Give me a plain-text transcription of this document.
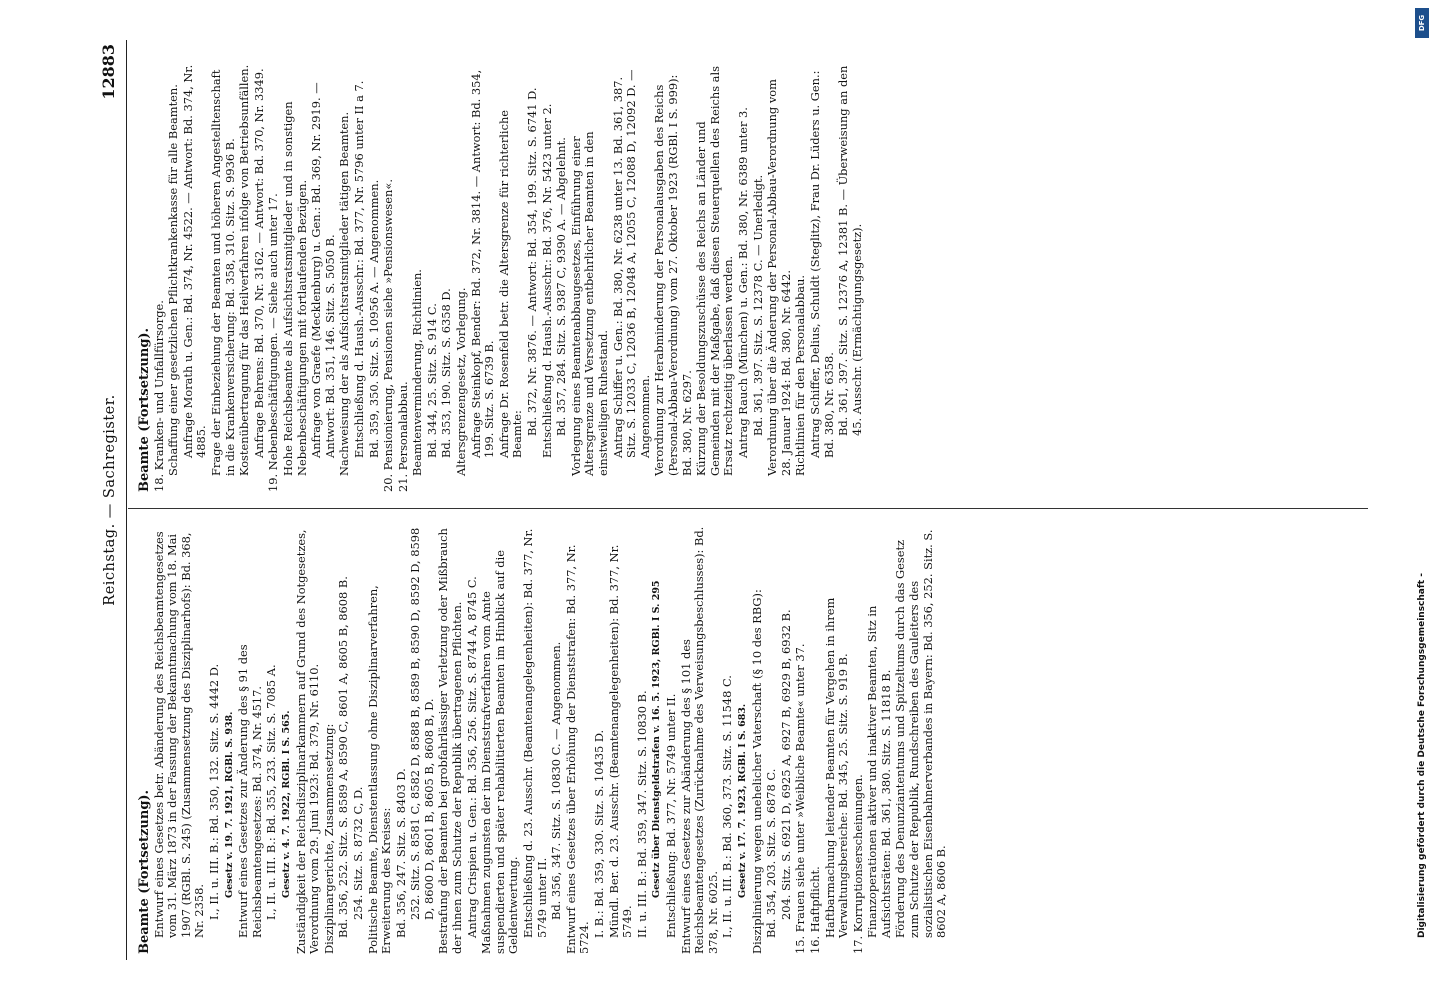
Reichstag. — Sachregister.
12883
Beamte (Fortsetzung). Entwurf eines Gesetzes betr. Abänderung des Reichsbeamtengesetzes vom 31. März 1873 in der Fassung der Bekanntmachung vom 18. Mai 1907 (RGBl. S. 245) (Zusammensetzung des Disziplinarhofs): Bd. 368, Nr. 2358. I., II. u. III. B.: Bd. 350, 132. Sitz. S. 4442 D. Gesetz v. 19. 7. 1921, RGBl. S. 938. Entwurf eines Gesetzes zur Änderung des § 91 des Reichsbeamtengesetzes: Bd. 374, Nr. 4517. I., II. u. III. B.: Bd. 355, 233. Sitz. S. 7085 A. Gesetz v. 4. 7. 1922, RGBl. I S. 565. Zuständigkeit der Reichsdisziplinarkammern auf Grund des Notgesetzes, Verordnung vom 29. Juni 1923: Bd. 379, Nr. 6110. Disziplinargerichte, Zusammensetzung: Bd. 356, 252. Sitz. S. 8589 A, 8590 C, 8601 A, 8605 B, 8608 B. 254. Sitz. S. 8732 C, D. Politische Beamte, Dienstentlassung ohne Disziplinarverfahren, Erweiterung des Kreises: Bd. 356, 247. Sitz. S. 8403 D. 252. Sitz. S. 8581 C, 8582 D, 8588 B, 8589 B, 8590 D, 8592 D, 8598 D, 8600 D, 8601 B, 8605 B, 8608 B, D. Bestrafung der Beamten bei grobfahrlässiger Verletzung oder Mißbrauch der ihnen zum Schutze der Republik übertragenen Pflichten. Antrag Crispien u. Gen.: Bd. 356, 256. Sitz. S. 8744 A, 8745 C. Maßnahmen zugunsten der im Dienststrafverfahren vom Amte suspendierten und später rehabilitierten Beamten im Hinblick auf die Geldentwertung. Entschließung d. 23. Ausschr. (Beamtenangelegenheiten): Bd. 377, Nr. 5749 unter II. Bd. 356, 347. Sitz. S. 10830 C. — Angenommen. Entwurf eines Gesetzes über Erhöhung der Dienststrafen: Bd. 377, Nr. 5724. I. B.: Bd. 359, 330. Sitz. S. 10435 D. Mündl. Ber. d. 23. Ausschr. (Beamtenangelegenheiten): Bd. 377, Nr. 5749. II. u. III. B.: Bd. 359, 347. Sitz. S. 10830 B. Gesetz über Dienstgeldstrafen v. 16. 5. 1923, RGBl. I S. 295 Entschließung: Bd. 377, Nr. 5749 unter II. Entwurf eines Gesetzes zur Abänderung des § 101 des Reichsbeamtengesetzes (Zurücknahme des Verweisungsbeschlusses): Bd. 378, Nr. 6025. I., II. u. III. B.: Bd. 360, 373. Sitz. S. 11548 C. Gesetz v. 17. 7. 1923, RGBl. I S. 683. Disziplinierung wegen unehelicher Vaterschaft (§ 10 des RBG): Bd. 354, 203. Sitz. S. 6878 C. 204. Sitz. S. 6921 D, 6925 A, 6927 B, 6929 B, 6932 B. 15. Frauen siehe unter »Weibliche Beamte« unter 37. 16. Haftpflicht. Haftbarmachung leitender Beamten für Vergehen in ihrem Verwaltungsbereiche: Bd. 345, 25. Sitz. S. 919 B. 17. Korruptionserscheinungen. Finanzoperationen aktiver und inaktiver Beamten, Sitz in Aufsichtsräten: Bd. 361, 380. Sitz. S. 11818 B. Förderung des Denunziantentums und Spitzeltums durch das Gesetz zum Schutze der Republik, Rundschreiben des Gauleiters des sozialistischen Eisenbahnerverbandes in Bayern: Bd. 356, 252. Sitz. S. 8602 A, 8606 B.
Beamte (Fortsetzung). 18. Kranken- und Unfallfürsorge. Schaffung einer gesetzlichen Pflichtkrankenkasse für alle Beamten. Anfrage Morath u. Gen.: Bd. 374, Nr. 4522. — Antwort: Bd. 374, Nr. 4885. Frage der Einbeziehung der Beamten und höheren Angestelltenschaft in die Krankenversicherung: Bd. 358, 310. Sitz. S. 9936 B. Kostenübertragung für das Heilverfahren infolge von Betriebsunfällen. Anfrage Behrens: Bd. 370, Nr. 3162. — Antwort: Bd. 370, Nr. 3349. 19. Nebenbeschäftigungen. — Siehe auch unter 17. Hohe Reichsbeamte als Aufsichtsratsmitglieder und in sonstigen Nebenbeschäftigungen mit fortlaufenden Bezügen. Anfrage von Graefe (Mecklenburg) u. Gen.: Bd. 369, Nr. 2919. — Antwort: Bd. 351, 146. Sitz. S. 5050 B. Nachweisung der als Aufsichtsratsmitglieder tätigen Beamten. Entschließung d. Haush.-Ausschr.: Bd. 377, Nr. 5796 unter II a 7. Bd. 359, 350. Sitz. S. 10956 A. — Angenommen. 20. Pensionierung, Pensionen siehe »Pensionswesen«. 21. Personalabbau. Beamtenverminderung, Richtlinien. Bd. 344, 25. Sitz. S. 914 C. Bd. 353, 190. Sitz. S. 6358 D. Altersgrenzengesetz, Vorlegung. Anfrage Steinkopf, Bender: Bd. 372, Nr. 3814. — Antwort: Bd. 354, 199. Sitz. S. 6739 B. Anfrage Dr. Rosenfeld betr. die Altersgrenze für richterliche Beamte: Bd. 372, Nr. 3876. — Antwort: Bd. 354, 199. Sitz. S. 6741 D. Entschließung d. Haush.-Ausschr.: Bd. 376, Nr. 5423 unter 2. Bd. 357, 284. Sitz. S. 9387 C, 9390 A. — Abgelehnt. Vorlegung eines Beamtenabbaugesetzes, Einführung einer Altersgrenze und Versetzung entbehrlicher Beamten in den einstweiligen Ruhestand. Antrag Schiffer u. Gen.: Bd. 380, Nr. 6238 unter 13. Bd. 361, 387. Sitz. S. 12033 C, 12036 B, 12048 A, 12055 C, 12088 D, 12092 D. — Angenommen. Verordnung zur Herabminderung der Personalausgaben des Reichs (Personal-Abbau-Verordnung) vom 27. Oktober 1923 (RGBl. I S. 999): Bd. 380, Nr. 6297. Kürzung der Besoldungszuschüsse des Reichs an Länder und Gemeinden mit der Maßgabe, daß diesen Steuerquellen des Reichs als Ersatz rechtzeitig überlassen werden. Antrag Rauch (München) u. Gen.: Bd. 380, Nr. 6389 unter 3. Bd. 361, 397. Sitz. S. 12378 C. — Unerledigt. Verordnung über die Änderung der Personal-Abbau-Verordnung vom 28. Januar 1924: Bd. 380, Nr. 6442. Richtlinien für den Personalabbau. Antrag Schiffer, Delius, Schuldt (Steglitz), Frau Dr. Lüders u. Gen.: Bd. 380, Nr. 6358. Bd. 361, 397. Sitz. S. 12376 A, 12381 B. — Überweisung an den 45. Ausschr. (Ermächtigungsgesetz).
DFG
Digitalisierung gefördert durch die Deutsche Forschungsgemeinschaft -
